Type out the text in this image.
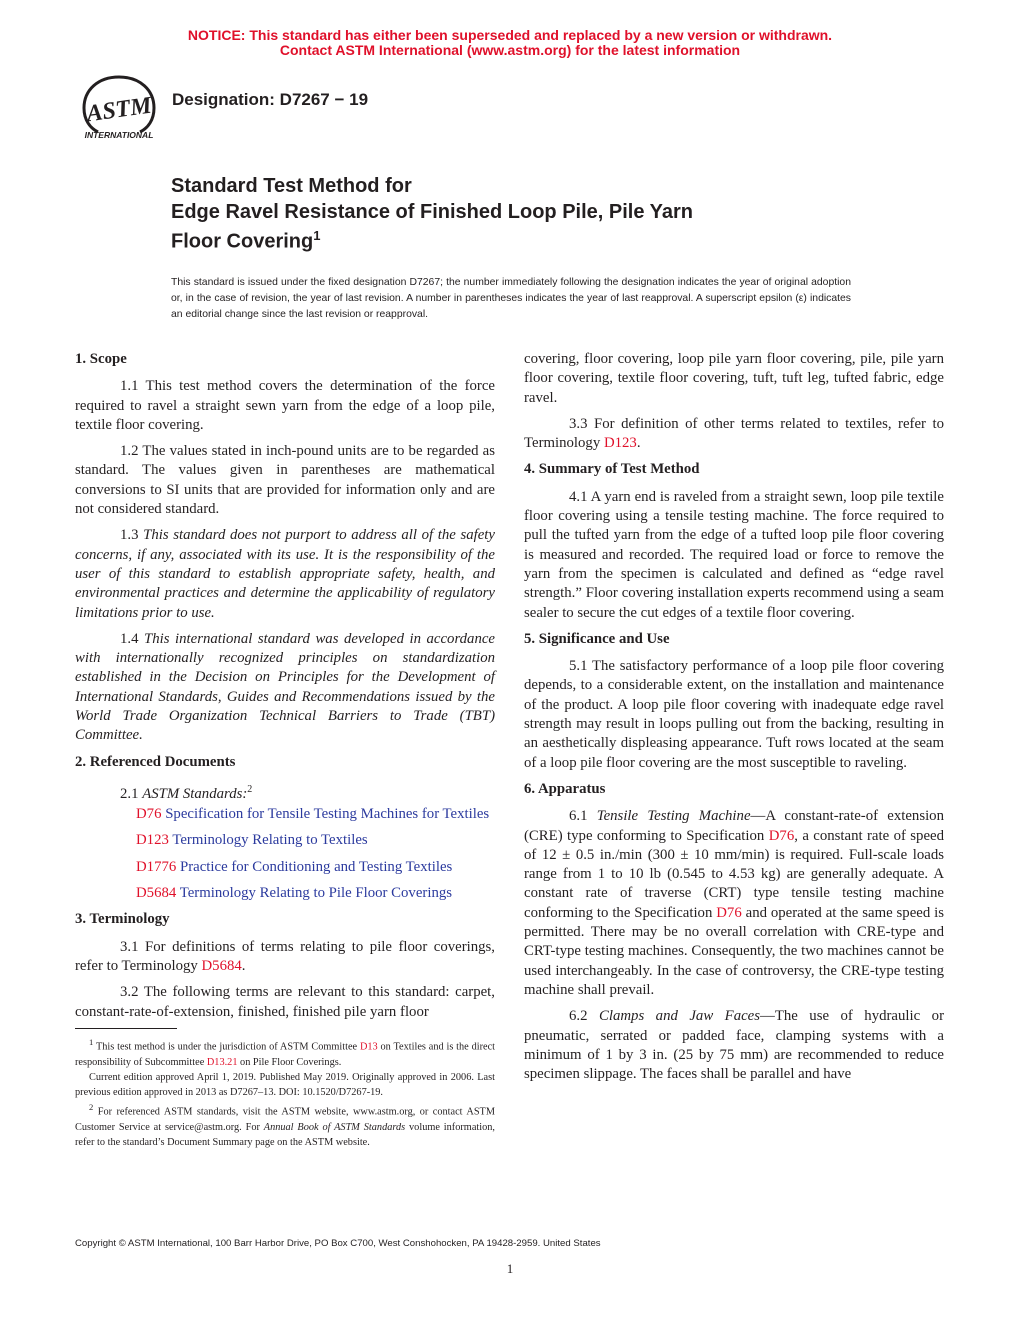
NOTICE: This standard has either been superseded and replaced by a new version or withdrawn.
Contact ASTM International (www.astm.org) for the latest information
ASTM
INTERNATIONAL
Designation: D7267 − 19
Standard Test Method for
Edge Ravel Resistance of Finished Loop Pile, Pile Yarn
Floor Covering$^1$
This standard is issued under the fixed designation D7267; the number immediately following the designation indicates the year of original adoption or, in the case of revision, the year of last revision. A number in parentheses indicates the year of last reapproval. A superscript epsilon (ε) indicates an editorial change since the last revision or reapproval.
1. Scope

1.1 This test method covers the determination of the force required to ravel a straight sewn yarn from the edge of a loop pile, textile floor covering.

1.2 The values stated in inch-pound units are to be regarded as standard. The values given in parentheses are mathematical conversions to SI units that are provided for information only and are not considered standard.

1.3 This standard does not purport to address all of the safety concerns, if any, associated with its use. It is the responsibility of the user of this standard to establish appropriate safety, health, and environmental practices and determine the applicability of regulatory limitations prior to use.

1.4 This international standard was developed in accordance with internationally recognized principles on standardization established in the Decision on Principles for the Development of International Standards, Guides and Recommendations issued by the World Trade Organization Technical Barriers to Trade (TBT) Committee.

2. Referenced Documents

2.1 ASTM Standards:$^2$

D76 Specification for Tensile Testing Machines for Textiles

D123 Terminology Relating to Textiles

D1776 Practice for Conditioning and Testing Textiles

D5684 Terminology Relating to Pile Floor Coverings

3. Terminology

3.1 For definitions of terms relating to pile floor coverings, refer to Terminology D5684.

3.2 The following terms are relevant to this standard: carpet, constant-rate-of-extension, finished, finished pile yarn floor

$^1$ This test method is under the jurisdiction of ASTM Committee D13 on Textiles and is the direct responsibility of Subcommittee D13.21 on Pile Floor Coverings.

Current edition approved April 1, 2019. Published May 2019. Originally approved in 2006. Last previous edition approved in 2013 as D7267–13. DOI: 10.1520/D7267-19.

$^2$ For referenced ASTM standards, visit the ASTM website, www.astm.org, or contact ASTM Customer Service at service@astm.org. For Annual Book of ASTM Standards volume information, refer to the standard’s Document Summary page on the ASTM website.

covering, floor covering, loop pile yarn floor covering, pile, pile yarn floor covering, textile floor covering, tuft, tuft leg, tufted fabric, edge ravel.

3.3 For definition of other terms related to textiles, refer to Terminology D123.

4. Summary of Test Method

4.1 A yarn end is raveled from a straight sewn, loop pile textile floor covering using a tensile testing machine. The force required to pull the tufted yarn from the edge of a tufted loop pile floor covering is measured and recorded. The required load or force to remove the yarn from the specimen is calculated and defined as “edge ravel strength.” Floor covering installation experts recommend using a seam sealer to secure the cut edges of a textile floor covering.

5. Significance and Use

5.1 The satisfactory performance of a loop pile floor covering depends, to a considerable extent, on the installation and maintenance of the product. A loop pile floor covering with inadequate edge ravel strength may result in loops pulling out from the backing, resulting in an aesthetically displeasing appearance. Tuft rows located at the seam of a loop pile floor covering are the most susceptible to raveling.

6. Apparatus

6.1 Tensile Testing Machine—A constant-rate-of extension (CRE) type conforming to Specification D76, a constant rate of speed of 12 ± 0.5 in./min (300 ± 10 mm/min) is required. Full-scale loads range from 1 to 10 lb (0.545 to 4.53 kg) are generally adequate. A constant rate of traverse (CRT) type tensile testing machine conforming to the Specification D76 and operated at the same speed is permitted. There may be no overall correlation with CRE-type and CRT-type testing machines. Consequently, the two machines cannot be used interchangeably. In the case of controversy, the CRE-type testing machine shall prevail.

6.2 Clamps and Jaw Faces—The use of hydraulic or pneumatic, serrated or padded face, clamping systems with a minimum of 1 by 3 in. (25 by 75 mm) are recommended to reduce specimen slippage. The faces shall be parallel and have

Copyright © ASTM International, 100 Barr Harbor Drive, PO Box C700, West Conshohocken, PA 19428-2959. United States
1
